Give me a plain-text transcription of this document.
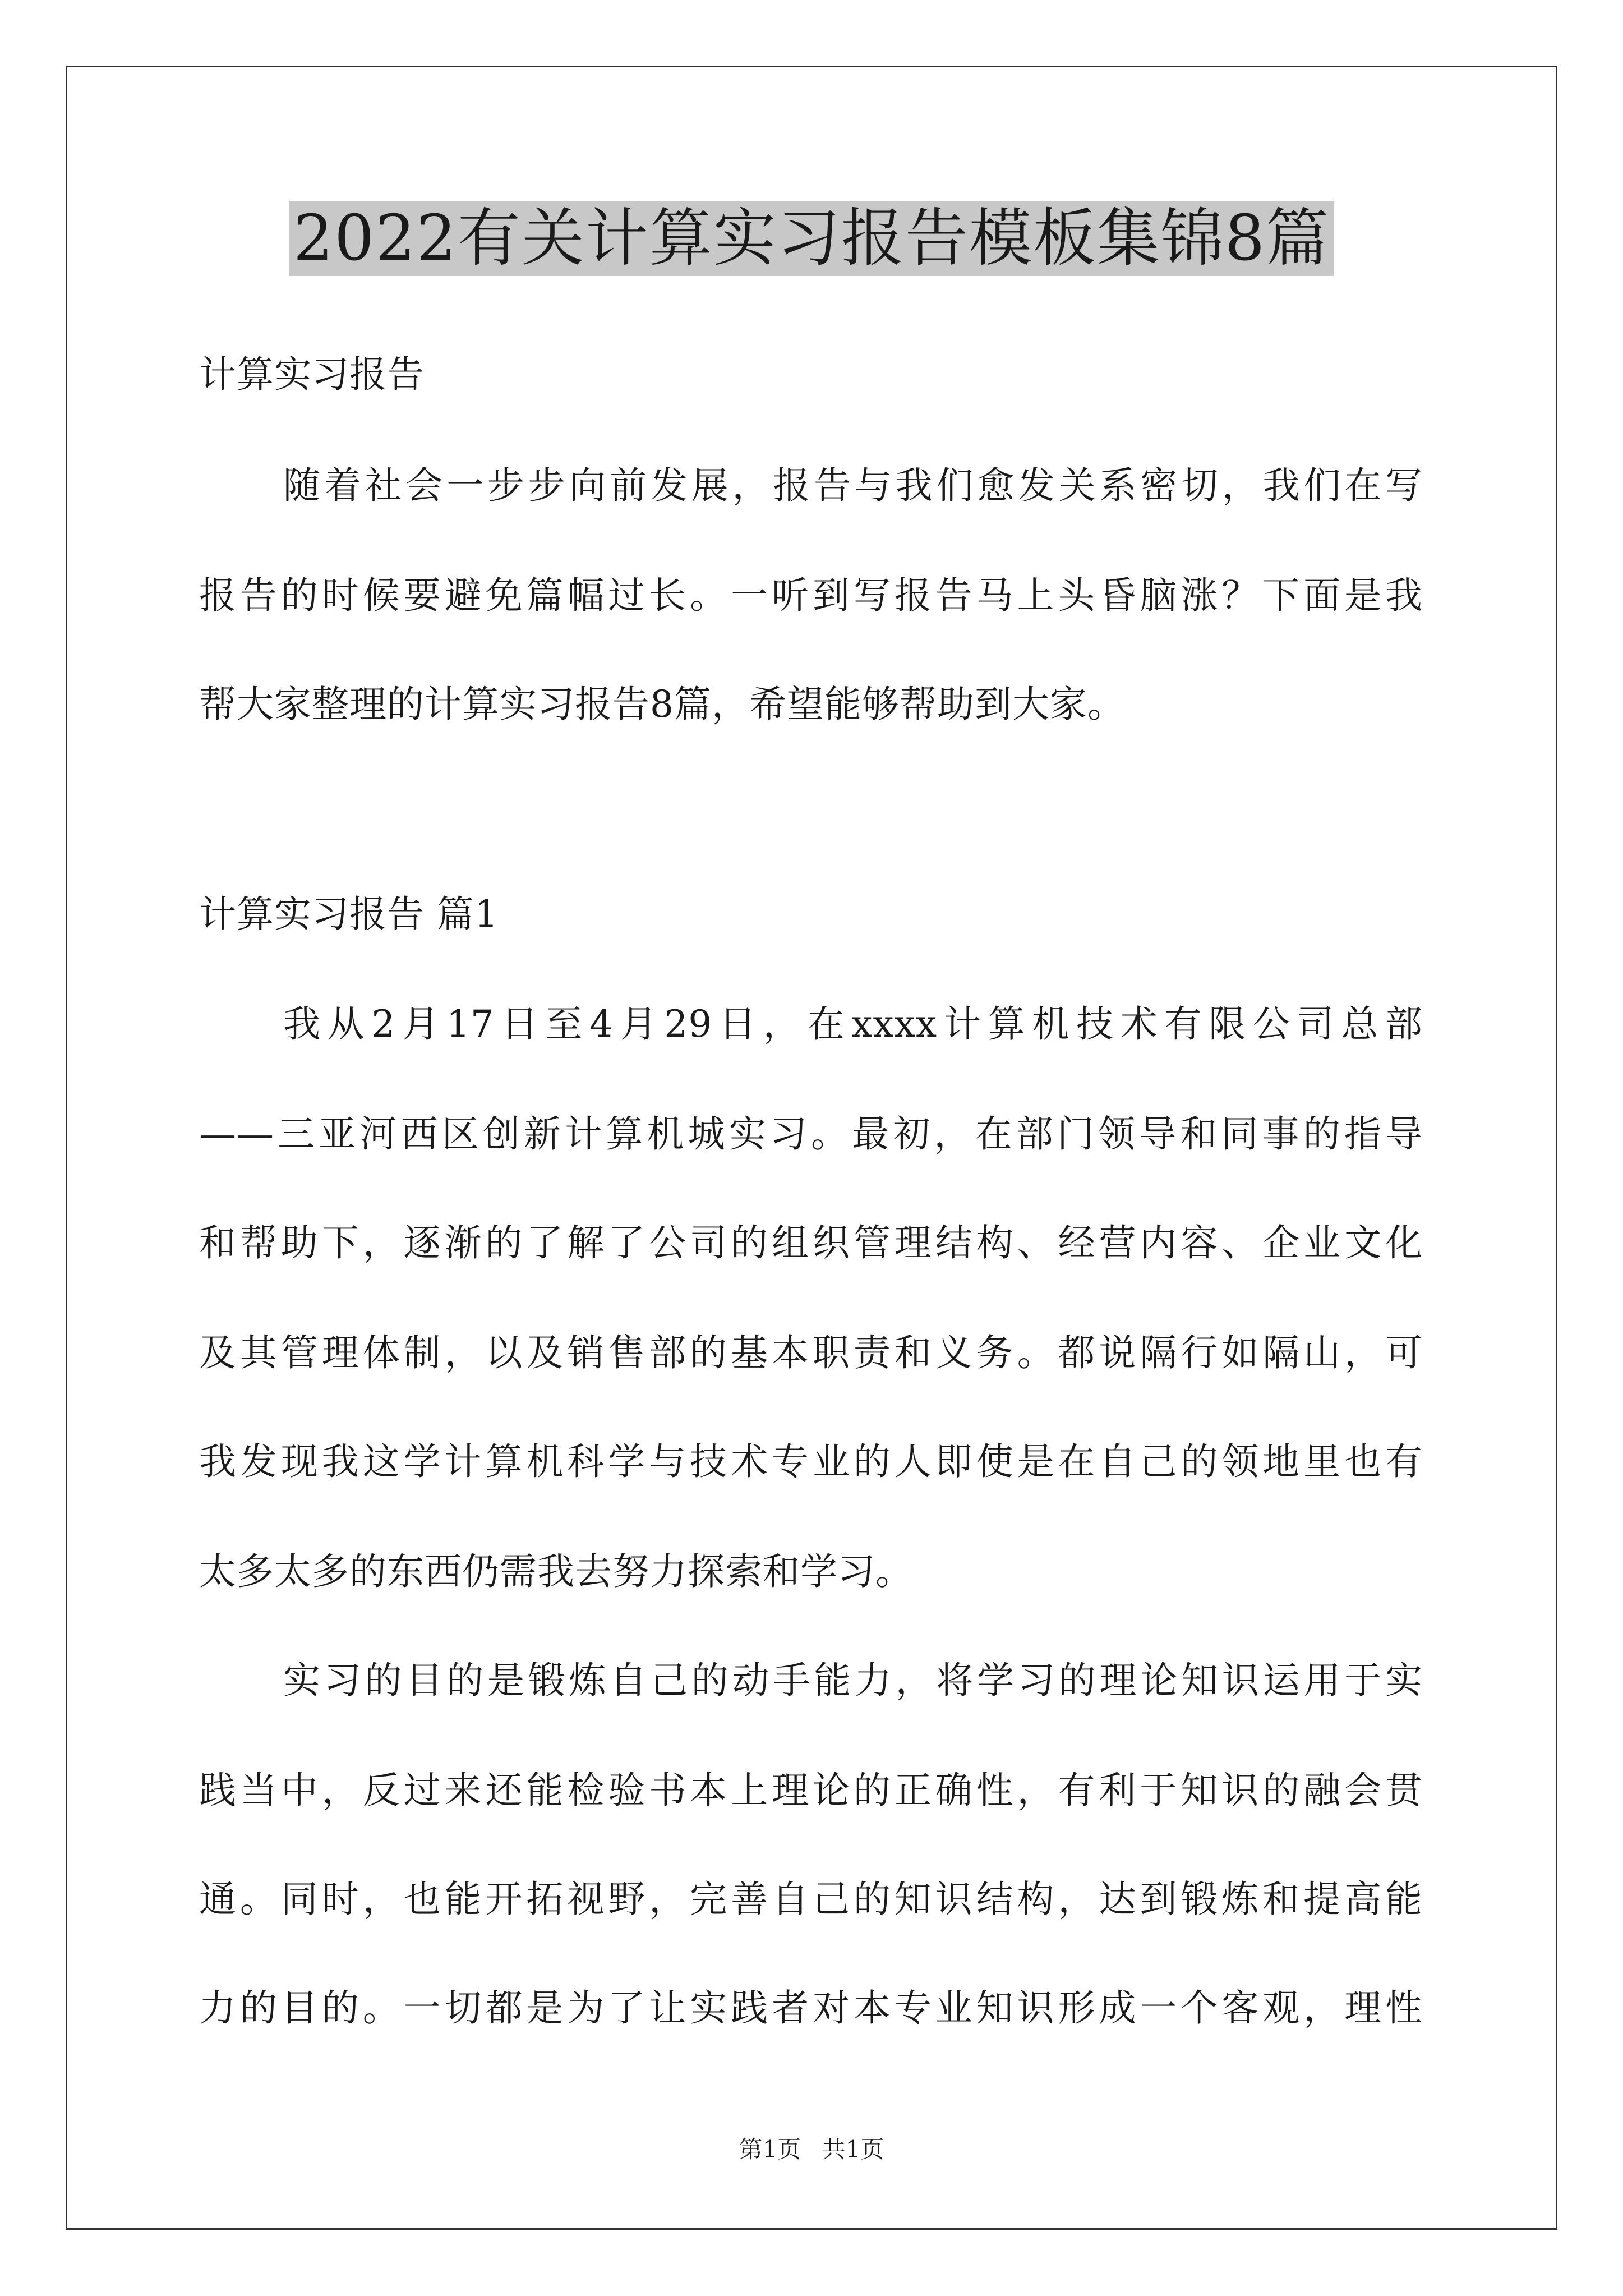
2022有关计算实习报告模板集锦8篇
计算实习报告
随着社会一步步向前发展，报告与我们愈发关系密切，我们在写
报告的时候要避免篇幅过长。一听到写报告马上头昏脑涨？下面是我
帮大家整理的计算实习报告8篇，希望能够帮助到大家。
计算实习报告 篇1
我从2月17日至4月29日，在xxxx计算机技术有限公司总部
——三亚河西区创新计算机城实习。最初，在部门领导和同事的指导
和帮助下，逐渐的了解了公司的组织管理结构、经营内容、企业文化
及其管理体制，以及销售部的基本职责和义务。都说隔行如隔山，可
我发现我这学计算机科学与技术专业的人即使是在自己的领地里也有
太多太多的东西仍需我去努力探索和学习。
实习的目的是锻炼自己的动手能力，将学习的理论知识运用于实
践当中，反过来还能检验书本上理论的正确性，有利于知识的融会贯
通。同时，也能开拓视野，完善自己的知识结构，达到锻炼和提高能
力的目的。一切都是为了让实践者对本专业知识形成一个客观，理性
第1页 共1页
